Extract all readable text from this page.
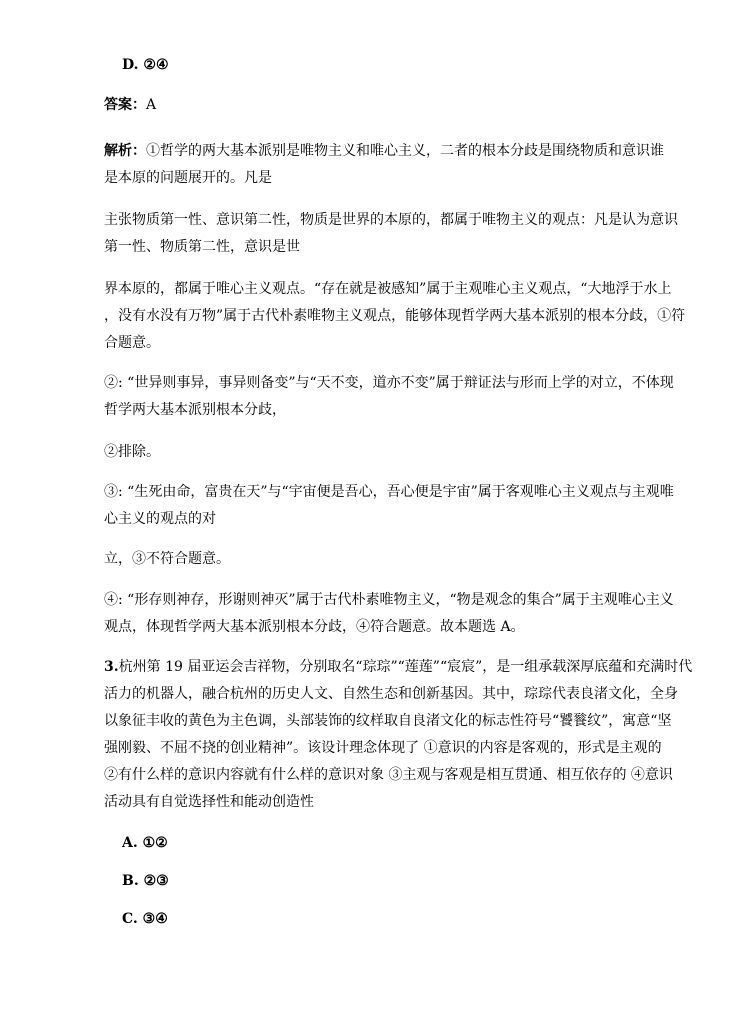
D. ②④
答案：A
解析：①哲学的两大基本派别是唯物主义和唯心主义，二者的根本分歧是围绕物质和意识谁
是本原的问题展开的。凡是
主张物质第一性、意识第二性，物质是世界的本原的，都属于唯物主义的观点：凡是认为意识
第一性、物质第二性，意识是世
界本原的，都属于唯心主义观点。“存在就是被感知”属于主观唯心主义观点，“大地浮于水上
，没有水没有万物”属于古代朴素唯物主义观点，能够体现哲学两大基本派别的根本分歧，①符
合题意。
②: “世异则事异，事异则备变”与“天不变，道亦不变”属于辩证法与形而上学的对立，不体现
哲学两大基本派别根本分歧，
②排除。
③: “生死由命，富贵在天”与“宇宙便是吾心，吾心便是宇宙”属于客观唯心主义观点与主观唯
心主义的观点的对
立，③不符合题意。
④: “形存则神存，形谢则神灭”属于古代朴素唯物主义，“物是观念的集合”属于主观唯心主义
观点，体现哲学两大基本派别根本分歧，④符合题意。故本题选 A。
3.杭州第 19 届亚运会吉祥物，分别取名“琮琮”“莲莲”“宸宸”，是一组承载深厚底蕴和充满时代
活力的机器人，融合杭州的历史人文、自然生态和创新基因。其中，琮琮代表良渚文化，全身
以象征丰收的黄色为主色调，头部装饰的纹样取自良渚文化的标志性符号“饕餮纹”，寓意“坚
强刚毅、不屈不挠的创业精神”。该设计理念体现了 ①意识的内容是客观的，形式是主观的
②有什么样的意识内容就有什么样的意识对象 ③主观与客观是相互贯通、相互依存的 ④意识
活动具有自觉选择性和能动创造性
A. ①②
B. ②③
C. ③④
